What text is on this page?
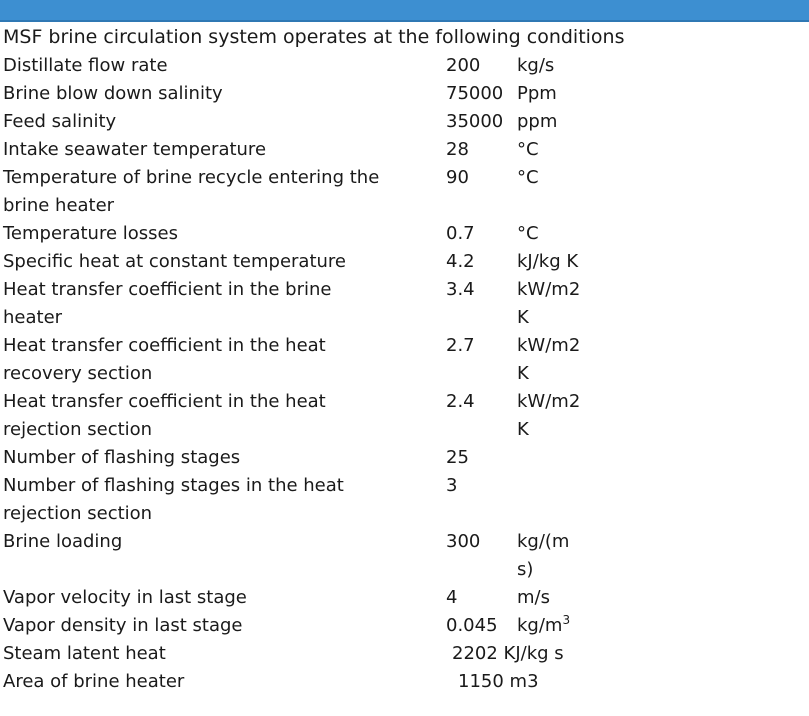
MSF brine circulation system operates at the following conditions
Distillate flow rate	200 kg/s
Brine blow down salinity	75000 Ppm
Feed salinity	35000 ppm
Intake seawater temperature	28	°C
Temperature of brine recycle entering the	90	°C
brine heater
Temperature losses	0.7 °C
Specific heat at constant temperature	4.2 kJ/kg K
Heat transfer coefficient in the brine	3.4 kW/m2
heater	K
Heat transfer coefficient in the heat	2.7 kW/m2
recovery section	K
Heat transfer coefficient in the heat	2.4 kW/m2
rejection section	K
Number of flashing stages	25
Number of flashing stages in the heat	3
rejection section
Brine loading	300 kg/(m
s)
Vapor velocity in last stage	4	m/s
Vapor density in last stage	0.045 $kg/m^3$
Steam latent heat	2202 KJ/kg s
Area of brine heater	1150 m3
